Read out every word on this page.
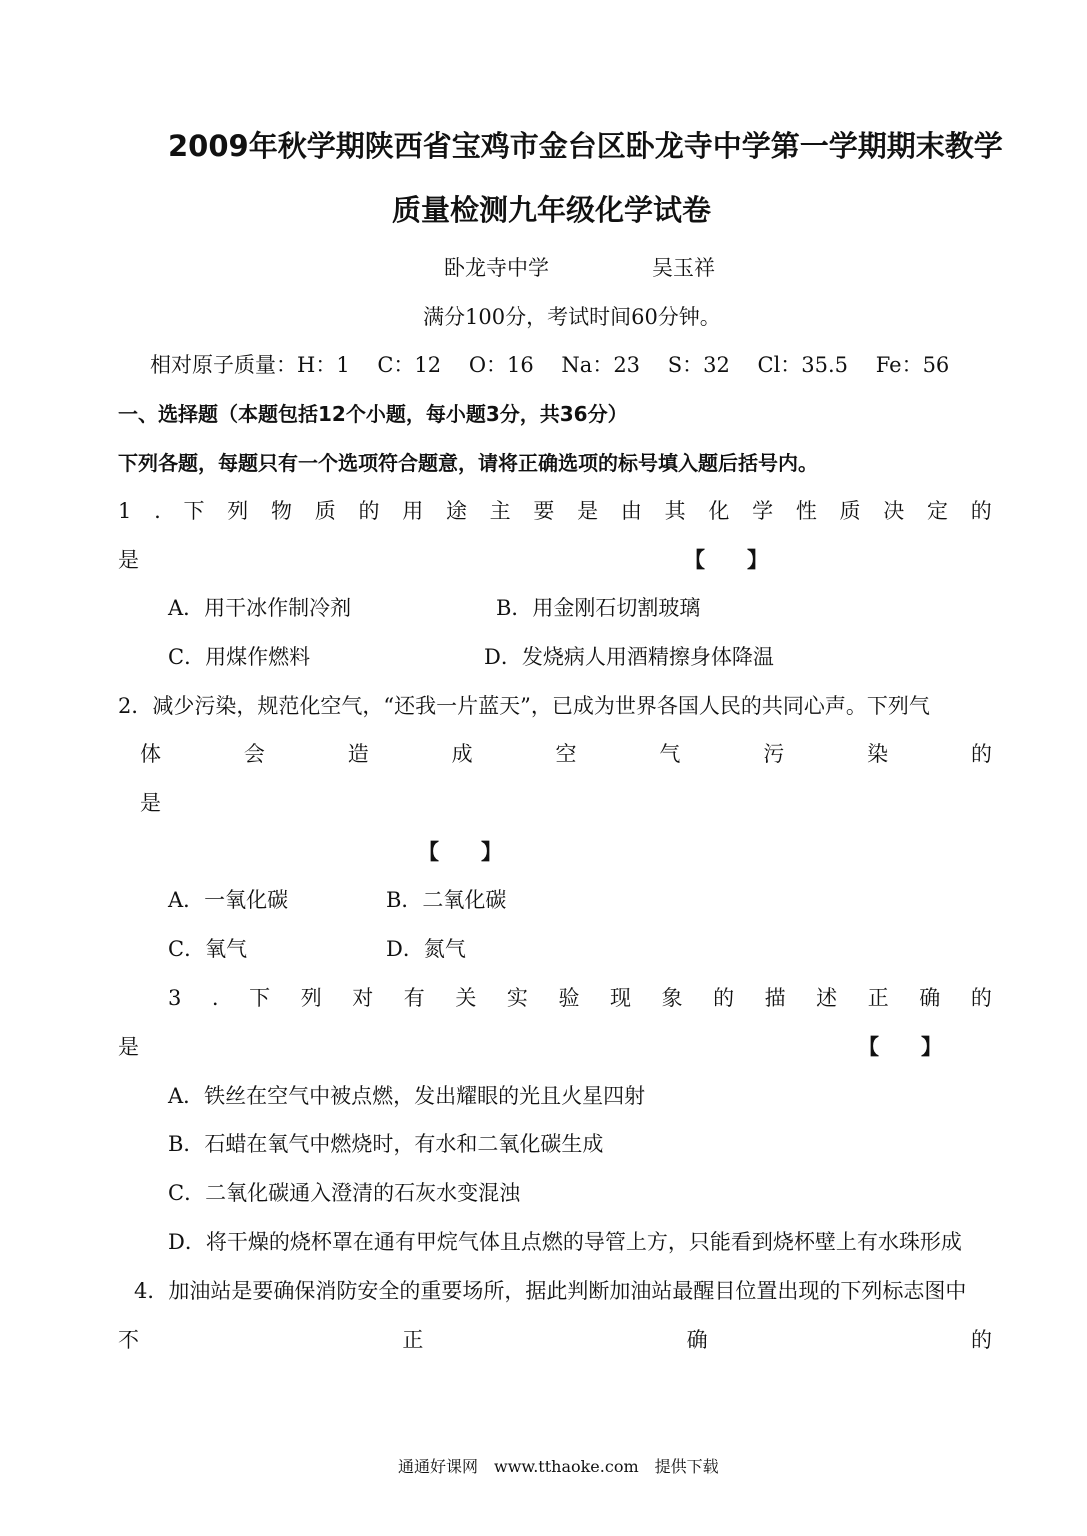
2009年秋学期陕西省宝鸡市金台区卧龙寺中学第一学期期末教学
质量检测九年级化学试卷
卧龙寺中学	吴玉祥
满分100分，考试时间60分钟。
相对原子质量：H：1　 C：12　 O：16　 Na：23　 S：32　 Cl：35.5　 Fe：56
一、选择题（本题包括12个小题，每小题3分，共36分）
下列各题，每题只有一个选项符合题意，请将正确选项的标号填入题后括号内。
1 . 下 列 物 质 的 用 途 主 要 是 由 其 化 学 性 质 决 定 的
是	【　　】
A．用干冰作制冷剂	B．用金刚石切割玻璃
C．用煤作燃料	D．发烧病人用酒精擦身体降温
2．减少污染，规范化空气，“还我一片蓝天”，已成为世界各国人民的共同心声。下列气
体	会	造	成	空	气	污	染	的
是
【　　】
A．一氧化碳	B．二氧化碳
C．氧气	D．氮气
3 . 下 列 对 有 关 实 验 现 象 的 描 述 正 确 的
是	【　　】
A．铁丝在空气中被点燃，发出耀眼的光且火星四射
B．石蜡在氧气中燃烧时，有水和二氧化碳生成
C．二氧化碳通入澄清的石灰水变混浊
D．将干燥的烧杯罩在通有甲烷气体且点燃的导管上方，只能看到烧杯壁上有水珠形成
4．加油站是要确保消防安全的重要场所，据此判断加油站最醒目位置出现的下列标志图中
不	正	确	的
通通好课网　www.tthaoke.com　提供下载
